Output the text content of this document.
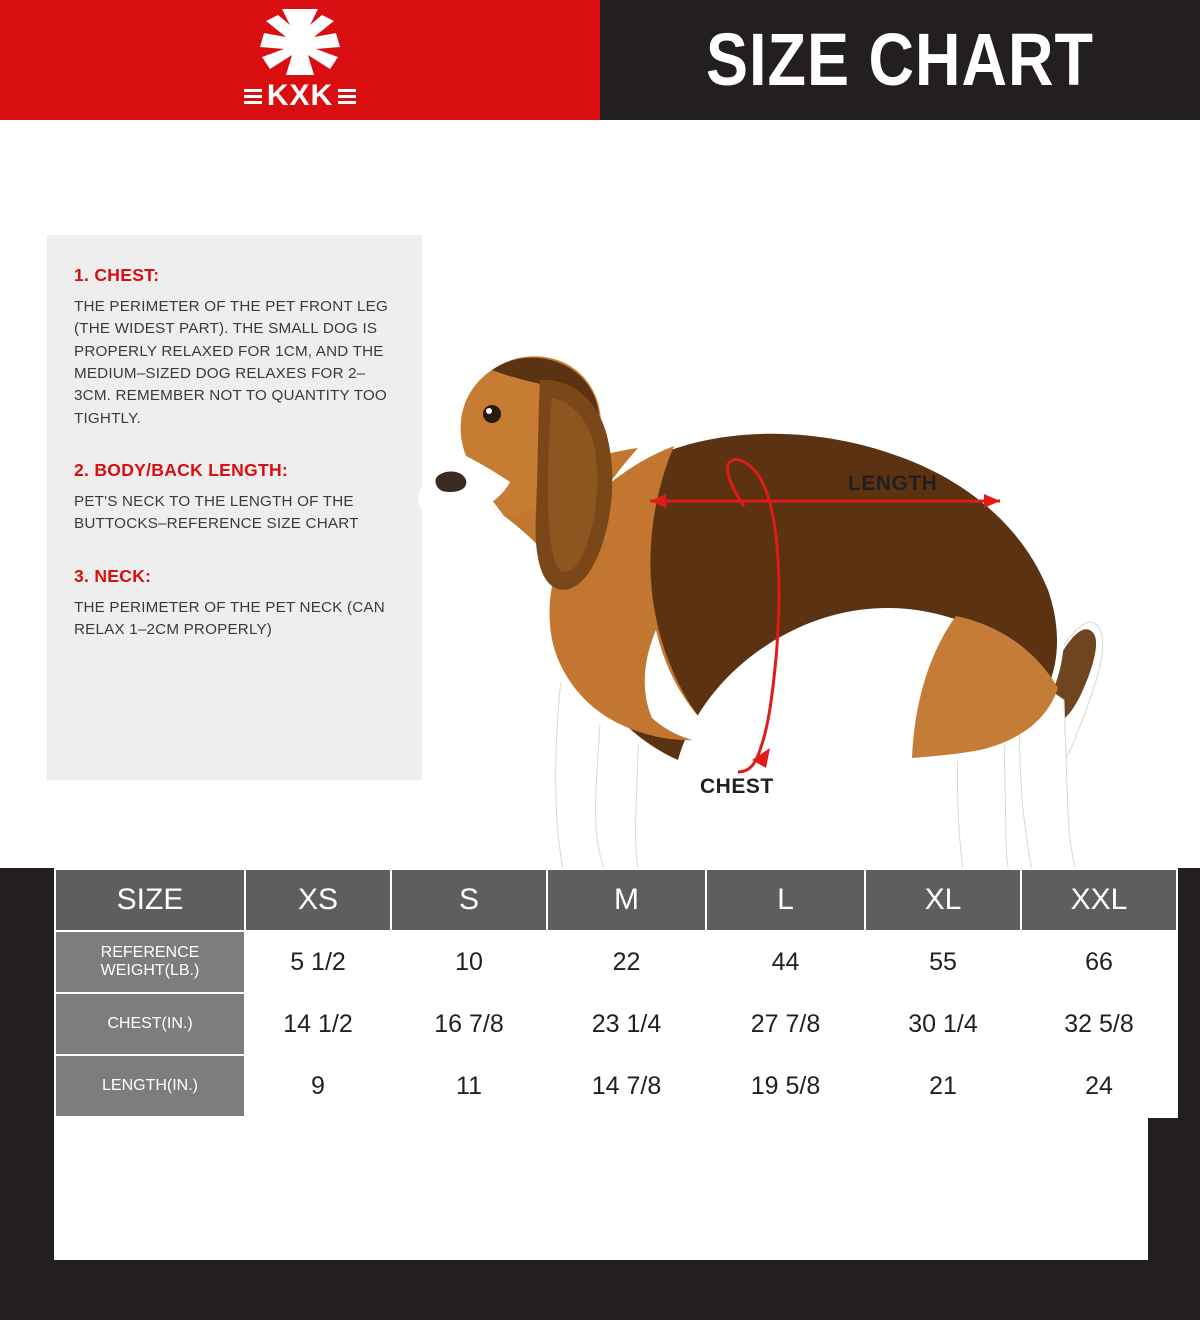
KXK	SIZE CHART

1. CHEST:

THE PERIMETER OF THE PET FRONT LEG (THE WIDEST PART). THE SMALL DOG IS PROPERLY RELAXED FOR 1CM, AND THE MEDIUM–SIZED DOG RELAXES FOR 2–3CM. REMEMBER NOT TO QUANTITY TOO TIGHTLY.

2. BODY/BACK LENGTH:

PET'S NECK TO THE LENGTH OF THE BUTTOCKS–REFERENCE SIZE CHART

3. NECK:

THE PERIMETER OF THE PET NECK (CAN RELAX 1–2CM PROPERLY)

LENGTH
CHEST
SIZE	XS	S	M	L	XL	XXL

REFERENCE
WEIGHT(LB.)	5 1/2	10	22	44	55	66
CHEST(IN.)	14 1/2	16 7/8	23 1/4	27 7/8	30 1/4	32 5/8
LENGTH(IN.)	9	11	14 7/8	19 5/8	21	24
